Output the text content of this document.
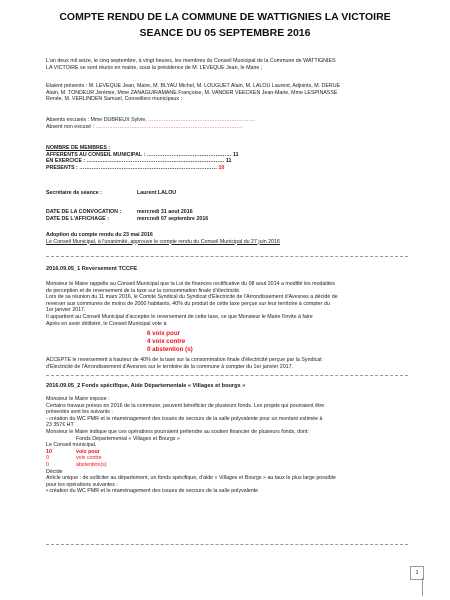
COMPTE RENDU DE LA COMMUNE DE WATTIGNIES LA VICTOIRE
SEANCE DU 05 SEPTEMBRE 2016
L'an deux mil seize, le cinq septembre, à vingt heures, les membres du Conseil Municipal de la Commune de WATTIGNIES
LA VICTOIRE se sont réunis en mairie, sous la présidence de M. LEVEQUE Jean, le Maire ;
Etaient présents : M. LEVEQUE Jean, Maire, M. BLYAU Michel, M. LOUGUET Alain, M. LALOU Laurent, Adjoints, M. DERUE
Alain, M. TONDEUR Jérémie, Mme ZANAGUIRAMANE Françoise, M. VANDER VEECKEN Jean-Marie, Mme LESPINASSE
Renée, M. VERLINDEN Samuel, Conseillers municipaux ;
Absents excusés : Mme DUBREUX Sylvie, ………………………………………………………
Absent non excusé : ……………………………………………………………………………
NOMBRE DE MEMBRES :
AFFERENTS AU CONSEIL MUNICIPAL : ………………………………………… 11
EN EXERCICE : …………………………………………………………………… 11
PRESENTS : …………………………………………………………………… 10
Secrétaire de séance :	Laurent LALOU
DATE DE LA CONVOCATION :	mercredi 31 aout 2016
DATE DE L'AFFICHAGE :	mercredi 07 septembre 2016
Adoption du compte rendu du 23 mai 2016
Le Conseil Municipal, à l'unanimité, approuve le compte rendu du Conseil Municipal du 27 juin 2016
2016.09.05_1 Reversement TCCFE
Monsieur le Maire rappelle au Conseil Municipal que la Loi de finances rectificative du 08 aout 2014 a modifié les modalités
de perception et de reversement de la taxe sur la consommation finale d'électricité.
Lors de sa réunion du 11 mars 2016, le Comité Syndical du Syndicat d'Electricité de l'Arrondissement d'Avesnes a décidé de
reverser aux communes de moins de 2000 habitants, 40% du produit de cette taxe perçue sur leur territoire à compter du
1er janvier 2017.
Il appartient au Conseil Municipal d'accepter le reversement de cette taxe, ce que Monsieur le Maire l'invite à faire
Après en avoir délibéré, le Conseil Municipal vote à
6 voix pour
4 voix contre
0 abstention (s)
ACCEPTE le reversement à hauteur de 40% de la taxe sur la consommation finale d'électricité perçue par la Syndicat
d'Electricité de l'Arrondissement d'Avesnes sur le territoire de la commune à compter du 1er janvier 2017.
2016.09.05_2 Fonds spécifique, Aide Départementale « Villages et bourgs »
Monsieur le Maire expose :
Certains travaux prévus en 2016 de la commune, peuvent bénéficier de plusieurs fonds. Les projets qui pourraient être
présentés sont les suivants :
- création du WC PMR et le réaménagement des issues de secours de la salle polyvalente pour un montant estimée à
23 357€ HT
Monsieur le Maire indique que ces opérations pourraient prétendre au soutien financier de plusieurs fonds, dont:
Fonds Départemental « Villages et Bourgs »
Le Conseil municipal,
10	voix pour
0	voix contre
0	abstention(s)
Décide
Article unique : de solliciter au département, un fonds spécifique, d'aide « Villages et Bourgs » au taux le plus large possible
pour les opérations suivantes :
• création du WC PMR et le réaménagement des issues de secours de la salle polyvalente
1
